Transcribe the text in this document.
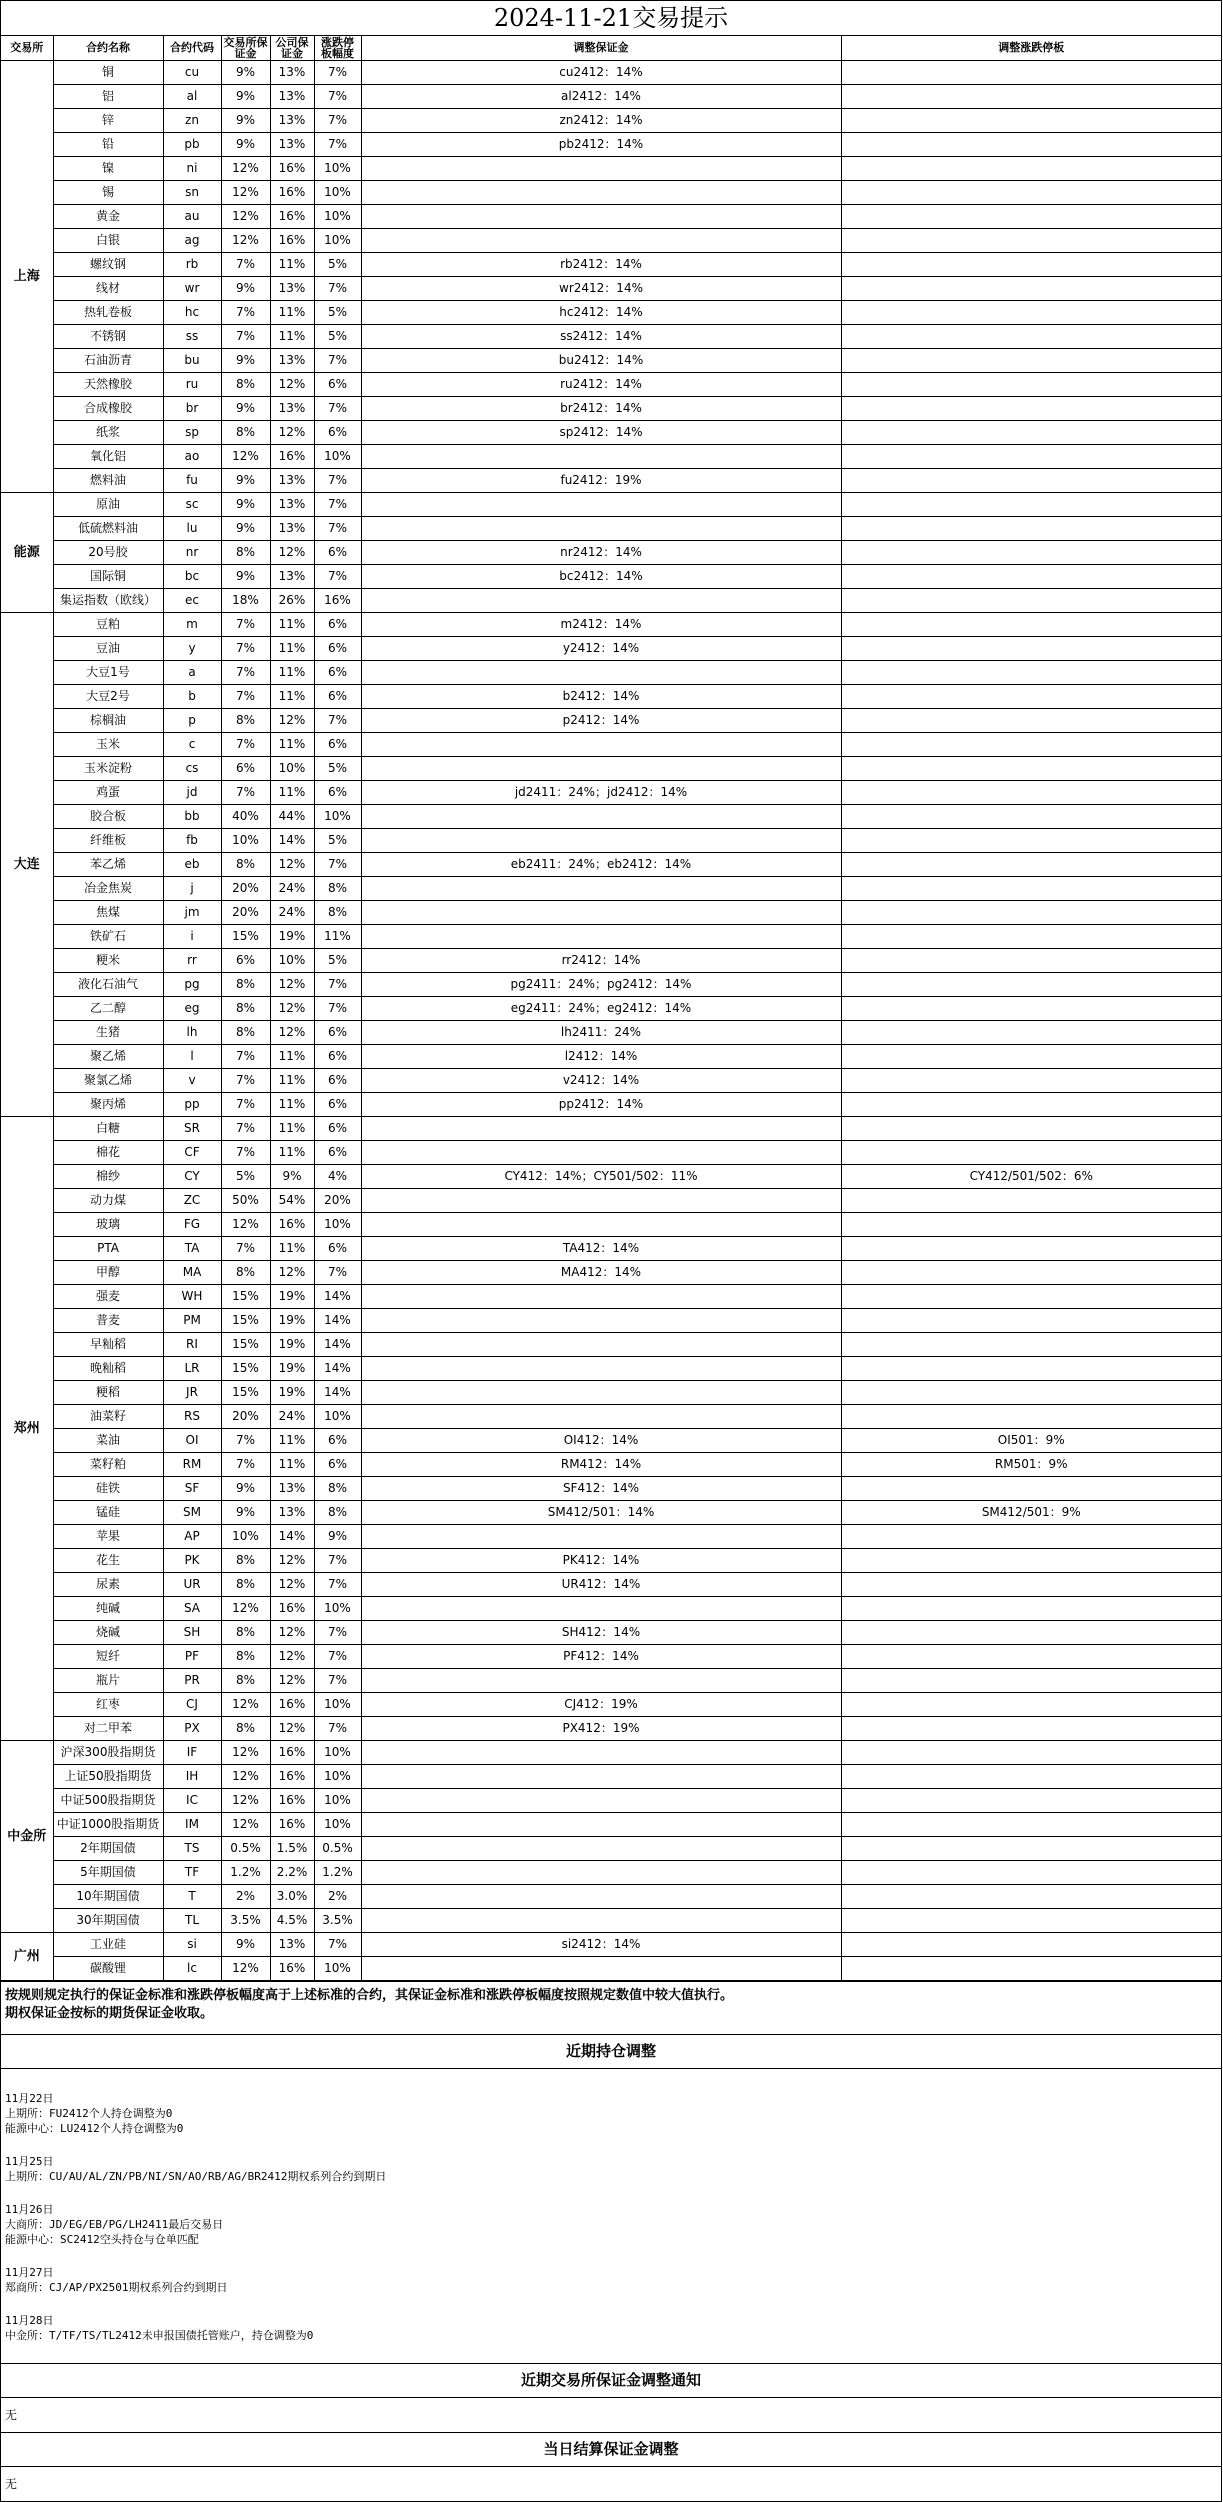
2024-11-21交易提示
交易所	合约名称	合约代码	交易所保证金	公司保证金	涨跌停板幅度	调整保证金	调整涨跌停板
上海	铜	cu	9%	13%	7%	cu2412：14%	
	铝	al	9%	13%	7%	al2412：14%	
	锌	zn	9%	13%	7%	zn2412：14%	
	铅	pb	9%	13%	7%	pb2412：14%	
	镍	ni	12%	16%	10%		
	锡	sn	12%	16%	10%		
	黄金	au	12%	16%	10%		
	白银	ag	12%	16%	10%		
	螺纹钢	rb	7%	11%	5%	rb2412：14%	
	线材	wr	9%	13%	7%	wr2412：14%	
	热轧卷板	hc	7%	11%	5%	hc2412：14%	
	不锈钢	ss	7%	11%	5%	ss2412：14%	
	石油沥青	bu	9%	13%	7%	bu2412：14%	
	天然橡胶	ru	8%	12%	6%	ru2412：14%	
	合成橡胶	br	9%	13%	7%	br2412：14%	
	纸浆	sp	8%	12%	6%	sp2412：14%	
	氧化铝	ao	12%	16%	10%		
	燃料油	fu	9%	13%	7%	fu2412：19%	
能源	原油	sc	9%	13%	7%		
	低硫燃料油	lu	9%	13%	7%		
	20号胶	nr	8%	12%	6%	nr2412：14%	
	国际铜	bc	9%	13%	7%	bc2412：14%	
	集运指数（欧线）	ec	18%	26%	16%		
大连	豆粕	m	7%	11%	6%	m2412：14%	
	豆油	y	7%	11%	6%	y2412：14%	
	大豆1号	a	7%	11%	6%		
	大豆2号	b	7%	11%	6%	b2412：14%	
	棕榈油	p	8%	12%	7%	p2412：14%	
	玉米	c	7%	11%	6%		
	玉米淀粉	cs	6%	10%	5%		
	鸡蛋	jd	7%	11%	6%	jd2411：24%；jd2412：14%	
	胶合板	bb	40%	44%	10%		
	纤维板	fb	10%	14%	5%		
	苯乙烯	eb	8%	12%	7%	eb2411：24%；eb2412：14%	
	冶金焦炭	j	20%	24%	8%		
	焦煤	jm	20%	24%	8%		
	铁矿石	i	15%	19%	11%		
	粳米	rr	6%	10%	5%	rr2412：14%	
	液化石油气	pg	8%	12%	7%	pg2411：24%；pg2412：14%	
	乙二醇	eg	8%	12%	7%	eg2411：24%；eg2412：14%	
	生猪	lh	8%	12%	6%	lh2411：24%	
	聚乙烯	l	7%	11%	6%	l2412：14%	
	聚氯乙烯	v	7%	11%	6%	v2412：14%	
	聚丙烯	pp	7%	11%	6%	pp2412：14%	
郑州	白糖	SR	7%	11%	6%		
	棉花	CF	7%	11%	6%		
	棉纱	CY	5%	9%	4%	CY412：14%；CY501/502：11%	CY412/501/502：6%
	动力煤	ZC	50%	54%	20%		
	玻璃	FG	12%	16%	10%		
	PTA	TA	7%	11%	6%	TA412：14%	
	甲醇	MA	8%	12%	7%	MA412：14%	
	强麦	WH	15%	19%	14%		
	普麦	PM	15%	19%	14%		
	早籼稻	RI	15%	19%	14%		
	晚籼稻	LR	15%	19%	14%		
	粳稻	JR	15%	19%	14%		
	油菜籽	RS	20%	24%	10%		
	菜油	OI	7%	11%	6%	OI412：14%	OI501：9%
	菜籽粕	RM	7%	11%	6%	RM412：14%	RM501：9%
	硅铁	SF	9%	13%	8%	SF412：14%	
	锰硅	SM	9%	13%	8%	SM412/501：14%	SM412/501：9%
	苹果	AP	10%	14%	9%		
	花生	PK	8%	12%	7%	PK412：14%	
	尿素	UR	8%	12%	7%	UR412：14%	
	纯碱	SA	12%	16%	10%		
	烧碱	SH	8%	12%	7%	SH412：14%	
	短纤	PF	8%	12%	7%	PF412：14%	
	瓶片	PR	8%	12%	7%		
	红枣	CJ	12%	16%	10%	CJ412：19%	
	对二甲苯	PX	8%	12%	7%	PX412：19%	
中金所	沪深300股指期货	IF	12%	16%	10%		
	上证50股指期货	IH	12%	16%	10%		
	中证500股指期货	IC	12%	16%	10%		
	中证1000股指期货	IM	12%	16%	10%		
	2年期国债	TS	0.5%	1.5%	0.5%		
	5年期国债	TF	1.2%	2.2%	1.2%		
	10年期国债	T	2%	3.0%	2%		
	30年期国债	TL	3.5%	4.5%	3.5%		
广州	工业硅	si	9%	13%	7%	si2412：14%	
	碳酸锂	lc	12%	16%	10%		
按规则规定执行的保证金标准和涨跌停板幅度高于上述标准的合约，其保证金标准和涨跌停板幅度按照规定数值中较大值执行。
期权保证金按标的期货保证金收取。
近期持仓调整
11月22日
上期所：FU2412个人持仓调整为0
能源中心：LU2412个人持仓调整为0
11月25日
上期所：CU/AU/AL/ZN/PB/NI/SN/AO/RB/AG/BR2412期权系列合约到期日
11月26日
大商所：JD/EG/EB/PG/LH2411最后交易日
能源中心：SC2412空头持仓与仓单匹配
11月27日
郑商所：CJ/AP/PX2501期权系列合约到期日
11月28日
中金所：T/TF/TS/TL2412未申报国债托管账户，持仓调整为0
近期交易所保证金调整通知
无
当日结算保证金调整
无
